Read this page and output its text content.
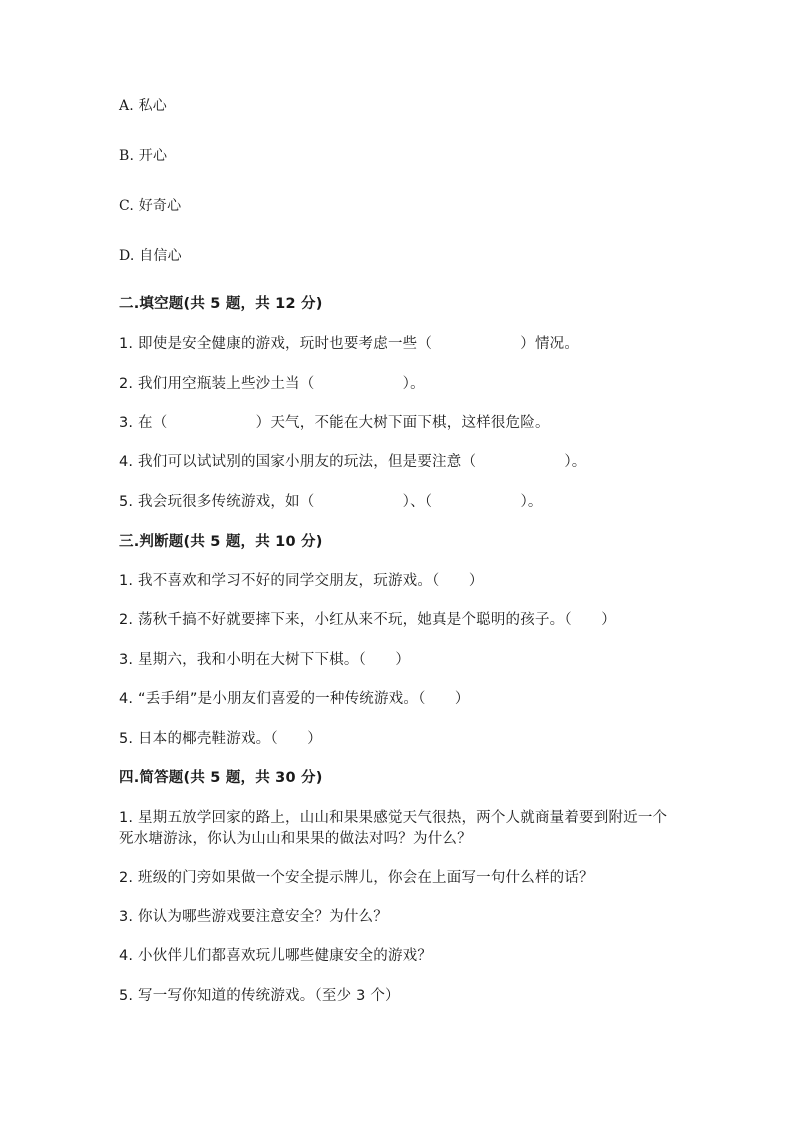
A. 私心
B. 开心
C. 好奇心
D. 自信心
二.填空题(共 5 题，共 12 分)
1. 即使是安全健康的游戏，玩时也要考虑一些（　　　　　　）情况。
2. 我们用空瓶装上些沙土当（　　　　　　）。
3. 在（　　　　　　）天气，不能在大树下面下棋，这样很危险。
4. 我们可以试试别的国家小朋友的玩法，但是要注意（　　　　　　）。
5. 我会玩很多传统游戏，如（　　　　　　）、（　　　　　　）。
三.判断题(共 5 题，共 10 分)
1. 我不喜欢和学习不好的同学交朋友，玩游戏。（　　）
2. 荡秋千搞不好就要摔下来，小红从来不玩，她真是个聪明的孩子。（　　）
3. 星期六，我和小明在大树下下棋。（　　）
4. “丢手绢”是小朋友们喜爱的一种传统游戏。（　　）
5. 日本的椰壳鞋游戏。（　　）
四.简答题(共 5 题，共 30 分)
1. 星期五放学回家的路上，山山和果果感觉天气很热，两个人就商量着要到附近一个死水塘游泳，你认为山山和果果的做法对吗？为什么？
2. 班级的门旁如果做一个安全提示牌儿，你会在上面写一句什么样的话？
3. 你认为哪些游戏要注意安全？为什么？
4. 小伙伴儿们都喜欢玩儿哪些健康安全的游戏？
5. 写一写你知道的传统游戏。（至少 3 个）
